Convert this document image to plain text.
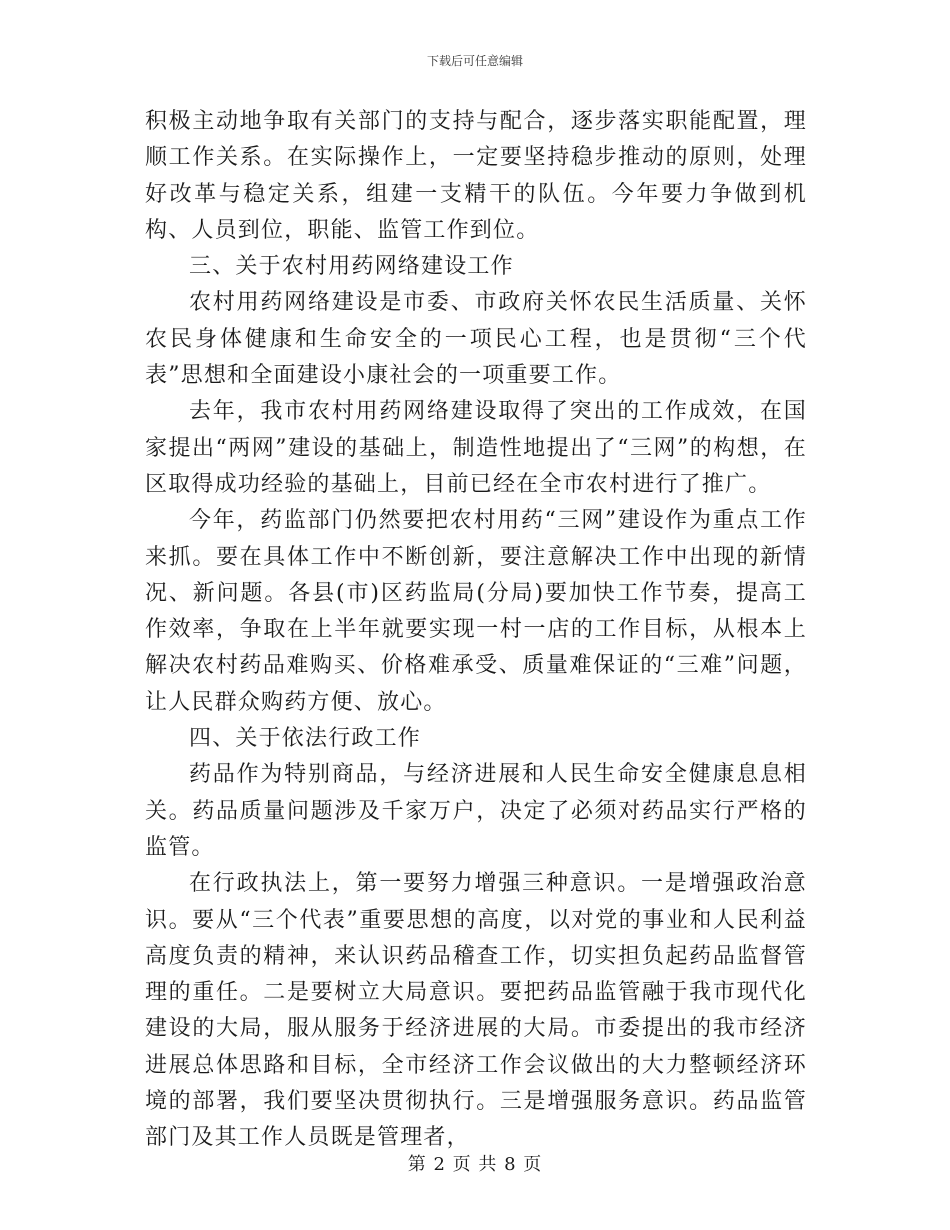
下载后可任意编辑

积极主动地争取有关部门的支持与配合，逐步落实职能配置，理顺工作关系。在实际操作上，一定要坚持稳步推动的原则，处理好改革与稳定关系，组建一支精干的队伍。今年要力争做到机构、人员到位，职能、监管工作到位。

三、关于农村用药网络建设工作

农村用药网络建设是市委、市政府关怀农民生活质量、关怀农民身体健康和生命安全的一项民心工程，也是贯彻“三个代表”思想和全面建设小康社会的一项重要工作。

去年，我市农村用药网络建设取得了突出的工作成效，在国家提出“两网”建设的基础上，制造性地提出了“三网”的构想，在区取得成功经验的基础上，目前已经在全市农村进行了推广。

今年，药监部门仍然要把农村用药“三网”建设作为重点工作来抓。要在具体工作中不断创新，要注意解决工作中出现的新情况、新问题。各县(市)区药监局(分局)要加快工作节奏，提高工作效率，争取在上半年就要实现一村一店的工作目标，从根本上解决农村药品难购买、价格难承受、质量难保证的“三难”问题，让人民群众购药方便、放心。

四、关于依法行政工作

药品作为特别商品，与经济进展和人民生命安全健康息息相关。药品质量问题涉及千家万户，决定了必须对药品实行严格的监管。

在行政执法上，第一要努力增强三种意识。一是增强政治意识。要从“三个代表”重要思想的高度，以对党的事业和人民利益高度负责的精神，来认识药品稽查工作，切实担负起药品监督管理的重任。二是要树立大局意识。要把药品监管融于我市现代化建设的大局，服从服务于经济进展的大局。市委提出的我市经济进展总体思路和目标，全市经济工作会议做出的大力整顿经济环境的部署，我们要坚决贯彻执行。三是增强服务意识。药品监管部门及其工作人员既是管理者，

第 2 页 共 8 页
